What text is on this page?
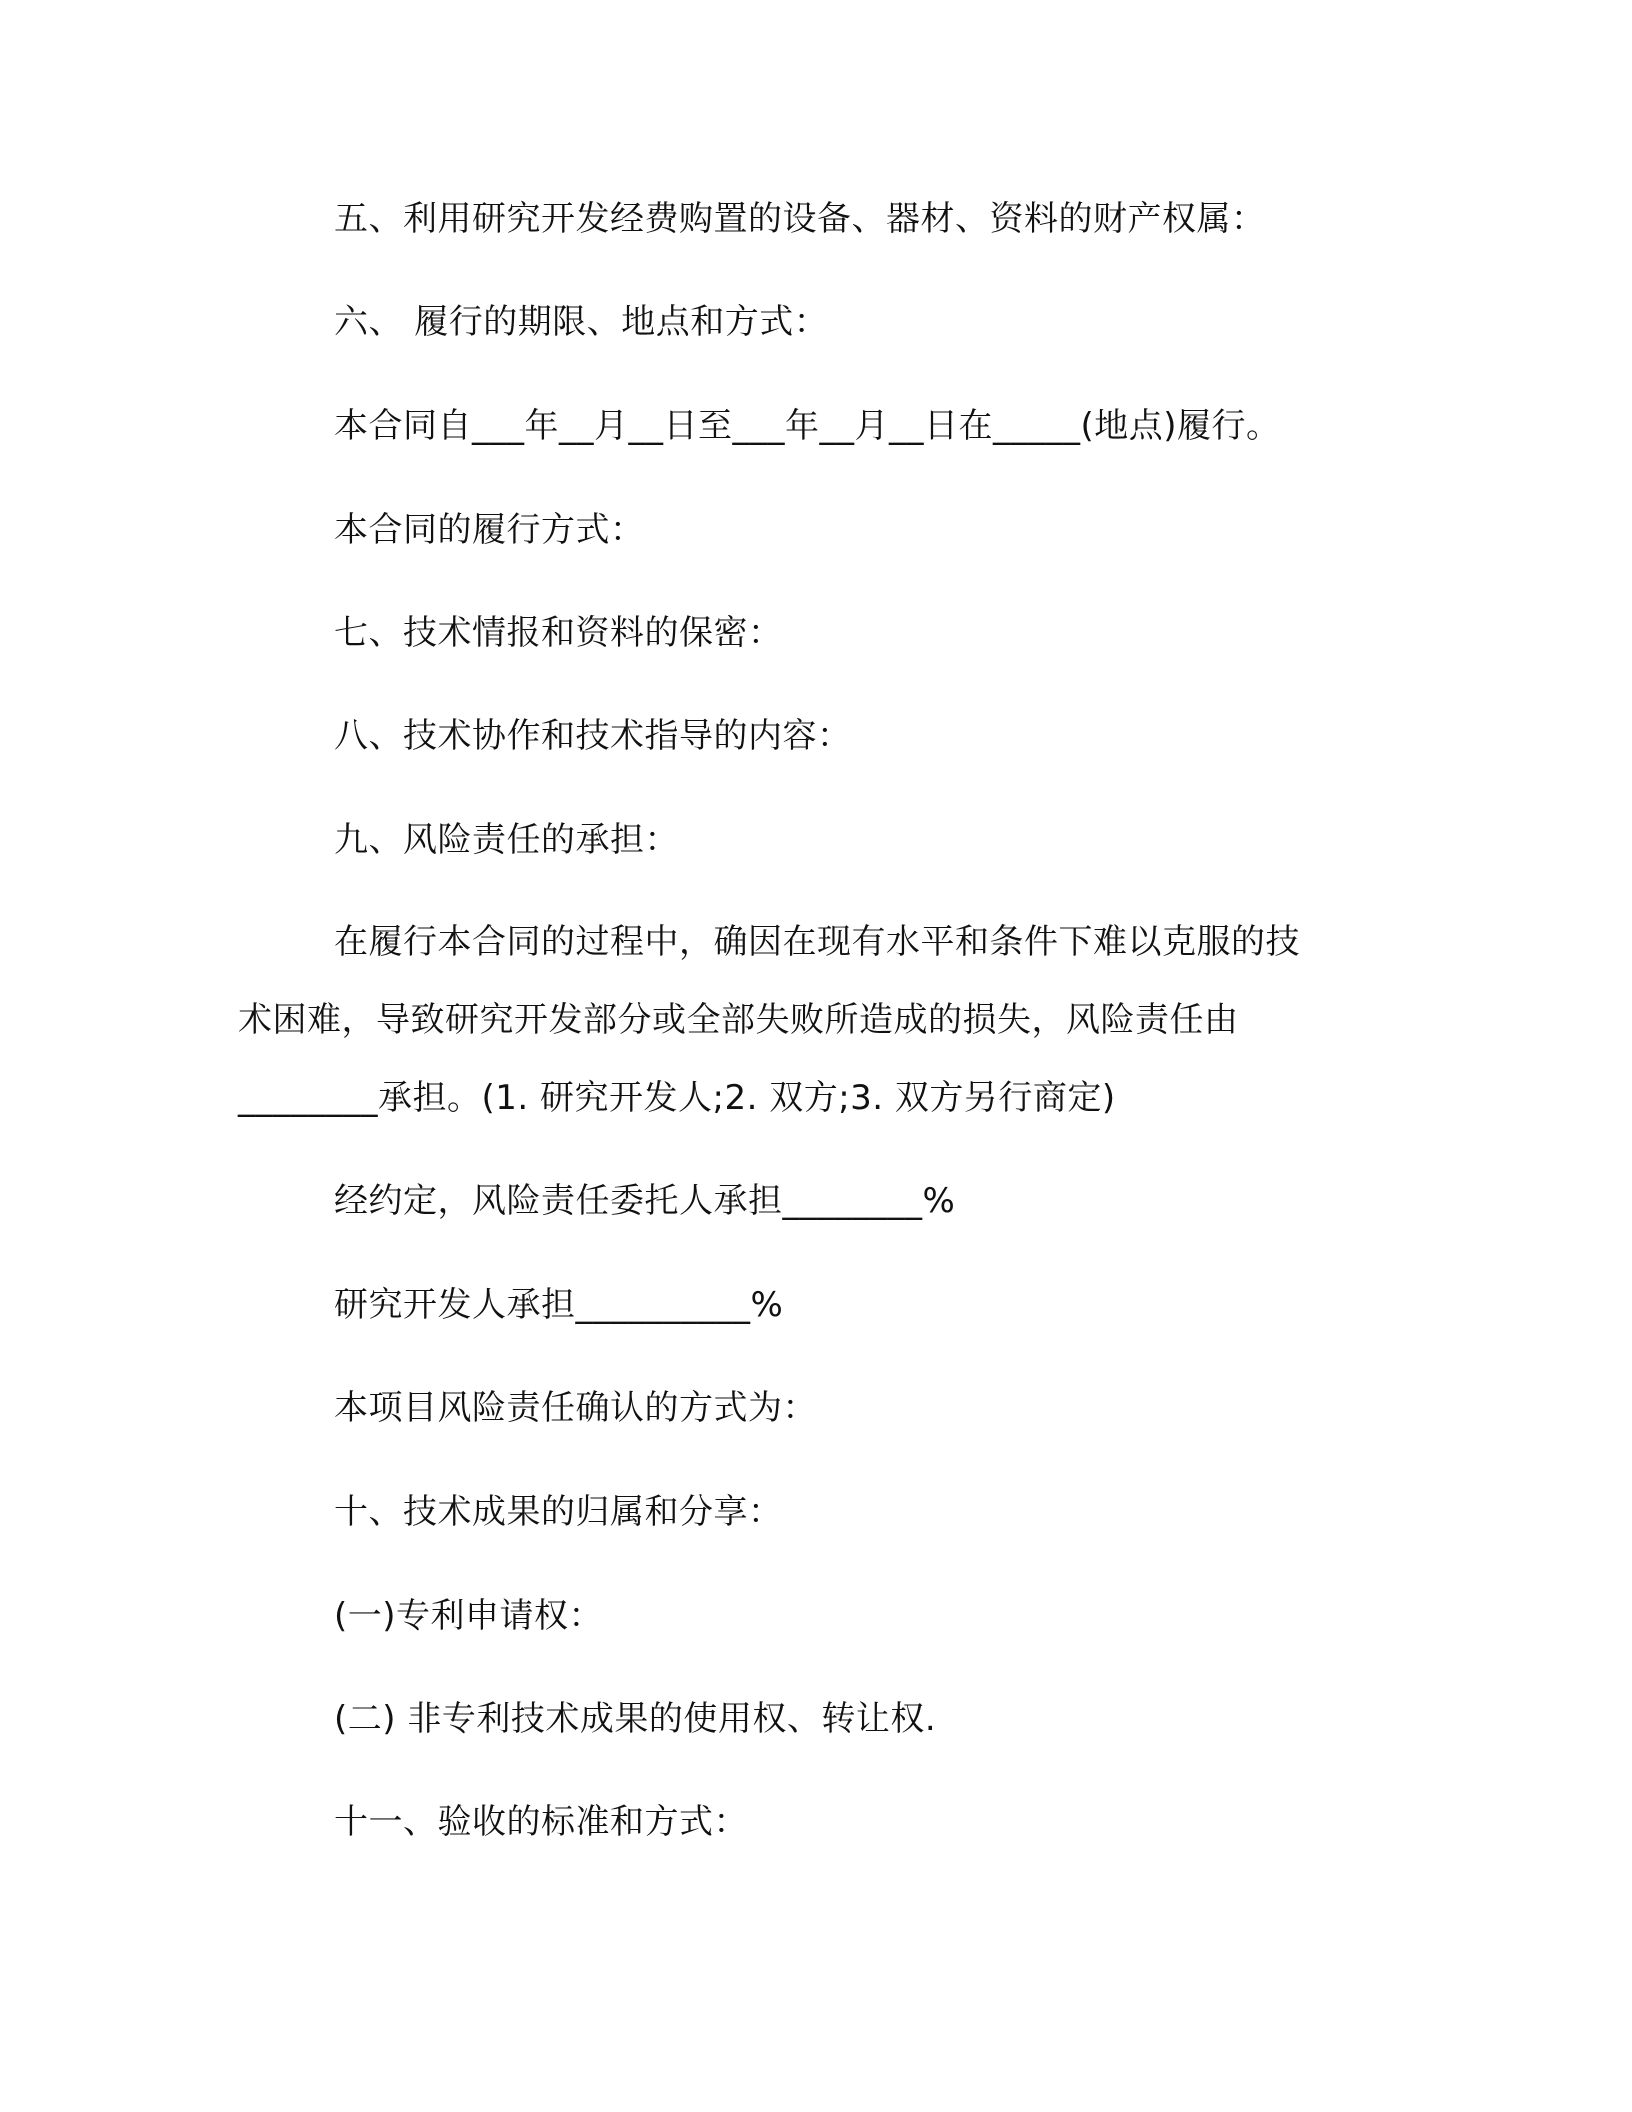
五、利用研究开发经费购置的设备、器材、资料的财产权属：
六、 履行的期限、地点和方式：
本合同自___年__月__日至___年__月__日在_____(地点)履行。
本合同的履行方式：
七、技术情报和资料的保密：
八、技术协作和技术指导的内容：
九、风险责任的承担：
在履行本合同的过程中，确因在现有水平和条件下难以克服的技
术困难，导致研究开发部分或全部失败所造成的损失，风险责任由
________承担。(1. 研究开发人;2. 双方;3. 双方另行商定)
经约定，风险责任委托人承担________%
研究开发人承担__________%
本项目风险责任确认的方式为：
十、技术成果的归属和分享：
(一)专利申请权：
(二) 非专利技术成果的使用权、转让权.
十一、验收的标准和方式：
